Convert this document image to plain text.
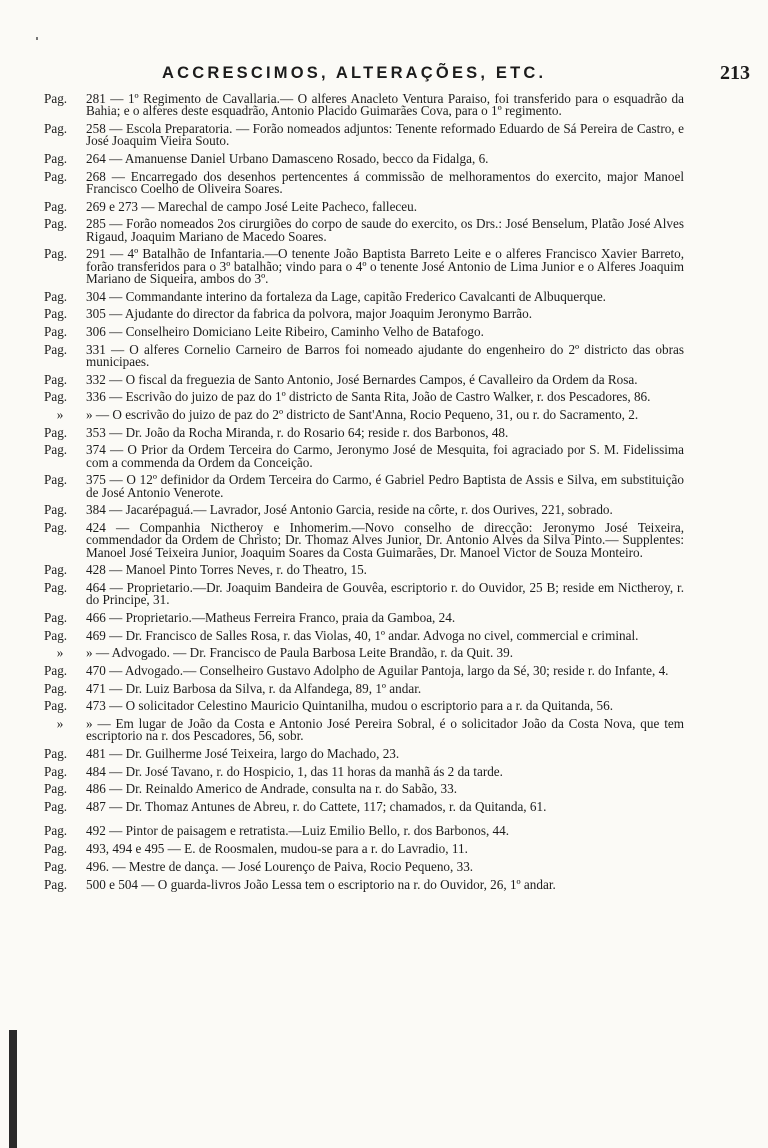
ACCRESCIMOS, ALTERAÇÕES, ETC.	213
Pag.	281 — 1º Regimento de Cavallaria.— O alferes Anacleto Ventura Paraiso, foi transferido para o esquadrão da Bahia; e o alferes deste esquadrão, Antonio Placido Guimarães Cova, para o 1º regimento.
Pag.	258 — Escola Preparatoria. — Forão nomeados adjuntos: Tenente reformado Eduardo de Sá Pereira de Castro, e José Joaquim Vieira Souto.
Pag.	264 — Amanuense Daniel Urbano Damasceno Rosado, becco da Fidalga, 6.
Pag.	268 — Encarregado dos desenhos pertencentes á commissão de melhoramentos do exercito, major Manoel Francisco Coelho de Oliveira Soares.
Pag.	269 e 273 — Marechal de campo José Leite Pacheco, falleceu.
Pag.	285 — Forão nomeados 2os cirurgiões do corpo de saude do exercito, os Drs.: José Benselum, Platão José Alves Rigaud, Joaquim Mariano de Macedo Soares.
Pag.	291 — 4º Batalhão de Infantaria.—O tenente João Baptista Barreto Leite e o alferes Francisco Xavier Barreto, forão transferidos para o 3º batalhão; vindo para o 4º o tenente José Antonio de Lima Junior e o Alferes Joaquim Mariano de Siqueira, ambos do 3º.
Pag.	304 — Commandante interino da fortaleza da Lage, capitão Frederico Cavalcanti de Albuquerque.
Pag.	305 — Ajudante do director da fabrica da polvora, major Joaquim Jeronymo Barrão.
Pag.	306 — Conselheiro Domiciano Leite Ribeiro, Caminho Velho de Batafogo.
Pag.	331 — O alferes Cornelio Carneiro de Barros foi nomeado ajudante do engenheiro do 2º districto das obras municipaes.
Pag.	332 — O fiscal da freguezia de Santo Antonio, José Bernardes Campos, é Cavalleiro da Ordem da Rosa.
Pag.	336 — Escrivão do juizo de paz do 1º districto de Santa Rita, João de Castro Walker, r. dos Pescadores, 86.
»	» — O escrivão do juizo de paz do 2º districto de Sant'Anna, Rocio Pequeno, 31, ou r. do Sacramento, 2.
Pag.	353 — Dr. João da Rocha Miranda, r. do Rosario 64; reside r. dos Barbonos, 48.
Pag.	374 — O Prior da Ordem Terceira do Carmo, Jeronymo José de Mesquita, foi agraciado por S. M. Fidelissima com a commenda da Ordem da Conceição.
Pag.	375 — O 12º definidor da Ordem Terceira do Carmo, é Gabriel Pedro Baptista de Assis e Silva, em substituição de José Antonio Venerote.
Pag.	384 — Jacarépaguá.— Lavrador, José Antonio Garcia, reside na côrte, r. dos Ourives, 221, sobrado.
Pag.	424 — Companhia Nictheroy e Inhomerim.—Novo conselho de direcção: Jeronymo José Teixeira, commendador da Ordem de Christo; Dr. Thomaz Alves Junior, Dr. Antonio Alves da Silva Pinto.— Supplentes: Manoel José Teixeira Junior, Joaquim Soares da Costa Guimarães, Dr. Manoel Victor de Souza Monteiro.
Pag.	428 — Manoel Pinto Torres Neves, r. do Theatro, 15.
Pag.	464 — Proprietario.—Dr. Joaquim Bandeira de Gouvêa, escriptorio r. do Ouvidor, 25 B; reside em Nictheroy, r. do Principe, 31.
Pag.	466 — Proprietario.—Matheus Ferreira Franco, praia da Gamboa, 24.
Pag.	469 — Dr. Francisco de Salles Rosa, r. das Violas, 40, 1º andar. Advoga no civel, commercial e criminal.
»	» — Advogado. — Dr. Francisco de Paula Barbosa Leite Brandão, r. da Quit. 39.
Pag.	470 — Advogado.— Conselheiro Gustavo Adolpho de Aguilar Pantoja, largo da Sé, 30; reside r. do Infante, 4.
Pag.	471 — Dr. Luiz Barbosa da Silva, r. da Alfandega, 89, 1º andar.
Pag.	473 — O solicitador Celestino Mauricio Quintanilha, mudou o escriptorio para a r. da Quitanda, 56.
»	» — Em lugar de João da Costa e Antonio José Pereira Sobral, é o solicitador João da Costa Nova, que tem escriptorio na r. dos Pescadores, 56, sobr.
Pag.	481 — Dr. Guilherme José Teixeira, largo do Machado, 23.
Pag.	484 — Dr. José Tavano, r. do Hospicio, 1, das 11 horas da manhã ás 2 da tarde.
Pag.	486 — Dr. Reinaldo Americo de Andrade, consulta na r. do Sabão, 33.
Pag.	487 — Dr. Thomaz Antunes de Abreu, r. do Cattete, 117; chamados, r. da Quitanda, 61.
Pag.	492 — Pintor de paisagem e retratista.—Luiz Emilio Bello, r. dos Barbonos, 44.
Pag.	493, 494 e 495 — E. de Roosmalen, mudou-se para a r. do Lavradio, 11.
Pag.	496. — Mestre de dança. — José Lourenço de Paiva, Rocio Pequeno, 33.
Pag.	500 e 504 — O guarda-livros João Lessa tem o escriptorio na r. do Ouvidor, 26, 1º andar.
